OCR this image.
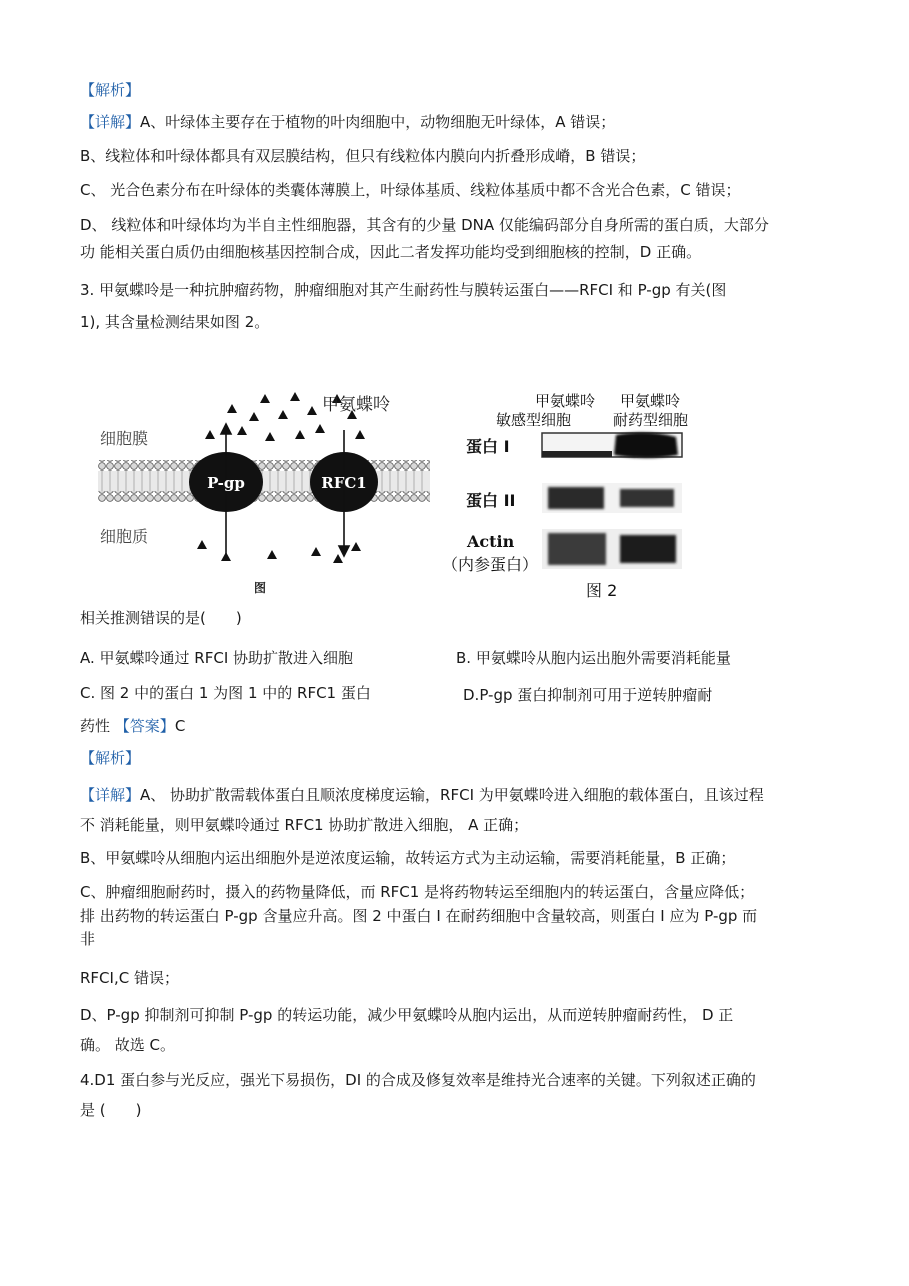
【解析】
【详解】A、叶绿体主要存在于植物的叶肉细胞中，动物细胞无叶绿体，A 错误；
B、线粒体和叶绿体都具有双层膜结构，但只有线粒体内膜向内折叠形成嵴，B 错误；
C、 光合色素分布在叶绿体的类囊体薄膜上，叶绿体基质、线粒体基质中都不含光合色素，C 错误；
D、 线粒体和叶绿体均为半自主性细胞器，其含有的少量 DNA 仅能编码部分自身所需的蛋白质，大部分
功 能相关蛋白质仍由细胞核基因控制合成，因此二者发挥功能均受到细胞核的控制，D 正确。
3. 甲氨蝶呤是一种抗肿瘤药物，肿瘤细胞对其产生耐药性与膜转运蛋白——RFCI 和 P-gp 有关(图
1), 其含量检测结果如图 2。
P-gp	RFC1
甲氨蝶呤
细胞膜
细胞质
图
甲氨蝶呤
敏感型细胞
甲氨蝶呤
耐药型细胞
蛋白 I
蛋白 II
Actin
（内参蛋白）
图 2
相关推测错误的是(　　)
A. 甲氨蝶呤通过 RFCI 协助扩散进入细胞	B. 甲氨蝶呤从胞内运出胞外需要消耗能量
C. 图 2 中的蛋白 1 为图 1 中的 RFC1 蛋白	D.P-gp 蛋白抑制剂可用于逆转肿瘤耐
药性 【答案】C
【解析】
【详解】A、 协助扩散需载体蛋白且顺浓度梯度运输，RFCI 为甲氨蝶呤进入细胞的载体蛋白，且该过程
不 消耗能量，则甲氨蝶呤通过 RFC1 协助扩散进入细胞， A 正确；
B、甲氨蝶呤从细胞内运出细胞外是逆浓度运输，故转运方式为主动运输，需要消耗能量，B 正确；
C、肿瘤细胞耐药时，摄入的药物量降低，而 RFC1 是将药物转运至细胞内的转运蛋白，含量应降低；
排 出药物的转运蛋白 P-gp 含量应升高。图 2 中蛋白 I 在耐药细胞中含量较高，则蛋白 I 应为 P-gp 而
非
RFCI,C 错误；
D、P-gp 抑制剂可抑制 P-gp 的转运功能，减少甲氨蝶呤从胞内运出，从而逆转肿瘤耐药性， D 正
确。 故选 C。
4.D1 蛋白参与光反应，强光下易损伤，DI 的合成及修复效率是维持光合速率的关键。下列叙述正确的
是 (　　)
